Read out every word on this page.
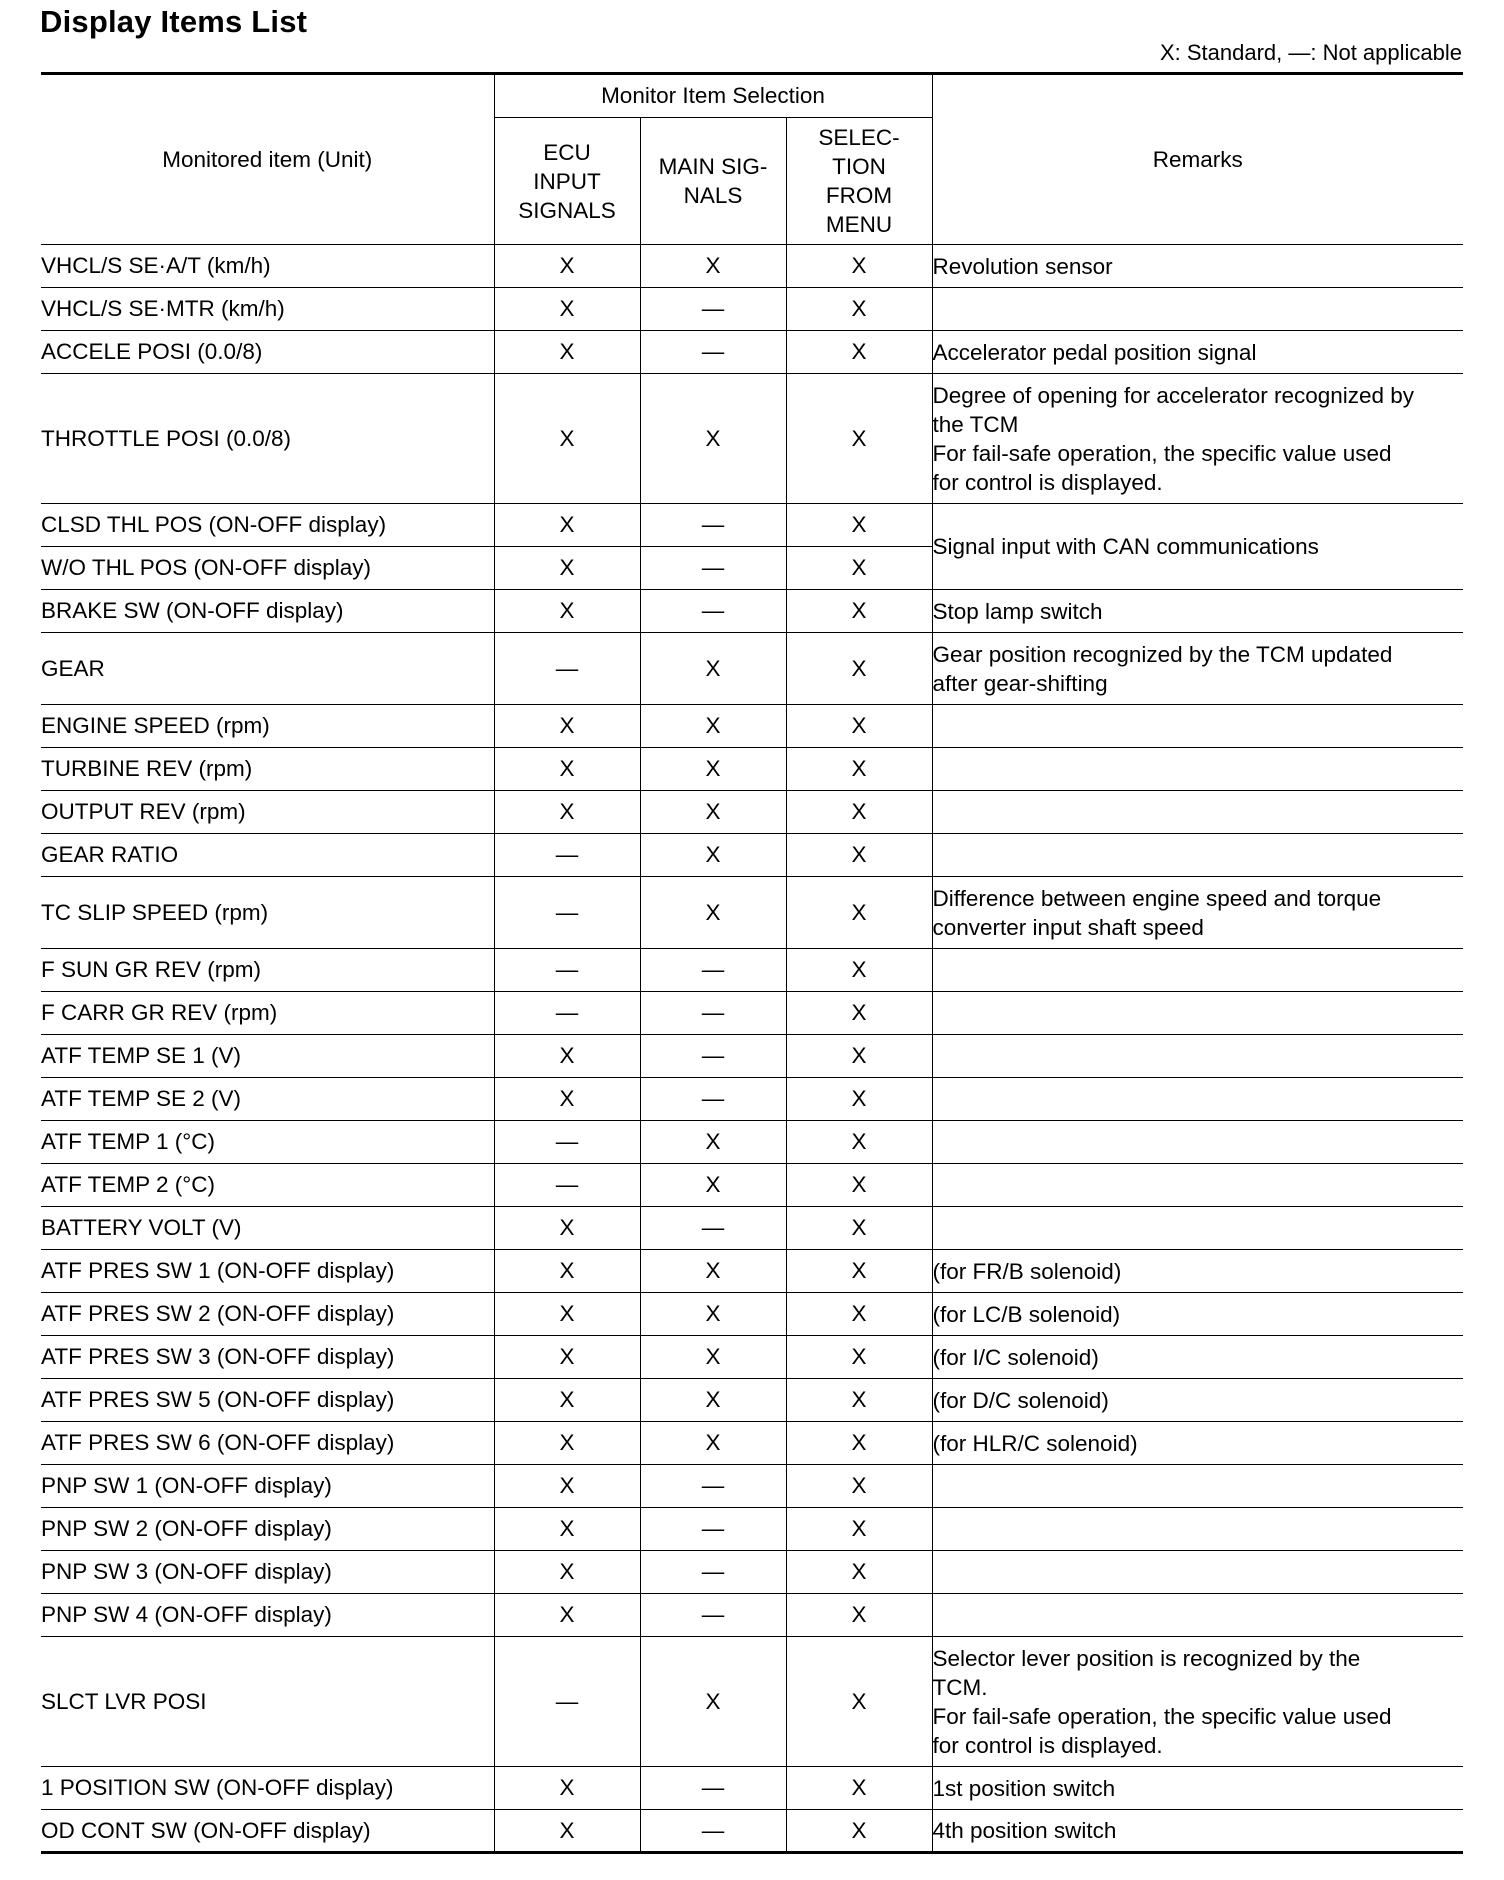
Display Items List
X: Standard, —: Not applicable
Monitored item (Unit)	Monitor Item Selection			Remarks

	ECU
INPUT
SIGNALS	MAIN SIG-
NALS	SELEC-
TION
FROM
MENU	

VHCL/S SE·A/T (km/h)	X	X	X	Revolution sensor

VHCL/S SE·MTR (km/h)	X	—	X	
ACCELE POSI (0.0/8)	X	—	X	Accelerator pedal position signal

THROTTLE POSI (0.0/8)	X	X	X	Degree of opening for accelerator recognized by
the TCM
For fail-safe operation, the specific value used
for control is displayed.

CLSD THL POS (ON-OFF display)	X	—	X	Signal input with CAN communications

W/O THL POS (ON-OFF display)	X	—	X	
BRAKE SW (ON-OFF display)	X	—	X	Stop lamp switch

GEAR	—	X	X	Gear position recognized by the TCM updated
after gear-shifting

ENGINE SPEED (rpm)	X	X	X	
TURBINE REV (rpm)	X	X	X	
OUTPUT REV (rpm)	X	X	X	
GEAR RATIO	—	X	X	
TC SLIP SPEED (rpm)	—	X	X	Difference between engine speed and torque
converter input shaft speed

F SUN GR REV (rpm)	—	—	X	
F CARR GR REV (rpm)	—	—	X	
ATF TEMP SE 1 (V)	X	—	X	
ATF TEMP SE 2 (V)	X	—	X	
ATF TEMP 1 (°C)	—	X	X	
ATF TEMP 2 (°C)	—	X	X	
BATTERY VOLT (V)	X	—	X	
ATF PRES SW 1 (ON-OFF display)	X	X	X	(for FR/B solenoid)

ATF PRES SW 2 (ON-OFF display)	X	X	X	(for LC/B solenoid)

ATF PRES SW 3 (ON-OFF display)	X	X	X	(for I/C solenoid)

ATF PRES SW 5 (ON-OFF display)	X	X	X	(for D/C solenoid)

ATF PRES SW 6 (ON-OFF display)	X	X	X	(for HLR/C solenoid)

PNP SW 1 (ON-OFF display)	X	—	X	
PNP SW 2 (ON-OFF display)	X	—	X	
PNP SW 3 (ON-OFF display)	X	—	X	
PNP SW 4 (ON-OFF display)	X	—	X	
SLCT LVR POSI	—	X	X	Selector lever position is recognized by the
TCM.
For fail-safe operation, the specific value used
for control is displayed.

1 POSITION SW (ON-OFF display)	X	—	X	1st position switch

OD CONT SW (ON-OFF display)	X	—	X	4th position switch
